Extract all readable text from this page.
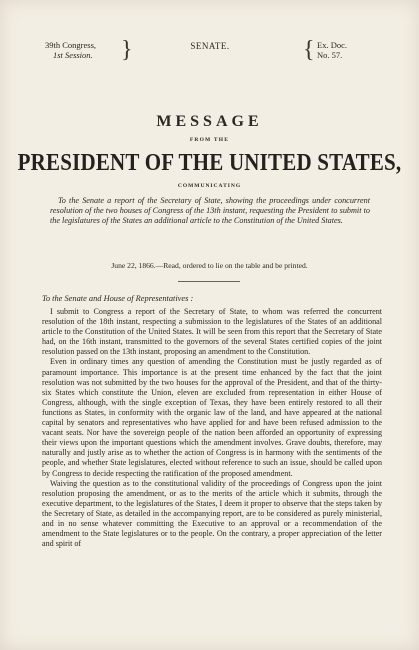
39th Congress,
1st Session. }	SENATE.	{ Ex. Doc.
No. 57.
MESSAGE
FROM THE
PRESIDENT OF THE UNITED STATES,
COMMUNICATING
To the Senate a report of the Secretary of State, showing the proceedings under concurrent resolution of the two houses of Congress of the 13th instant, requesting the President to submit to the legislatures of the States an additional article to the Constitution of the United States.
June 22, 1866.—Read, ordered to lie on the table and be printed.
To the Senate and House of Representatives :

I submit to Congress a report of the Secretary of State, to whom was referred the concurrent resolution of the 18th instant, respecting a submission to the legislatures of the States of an additional article to the Constitution of the United States. It will be seen from this report that the Secretary of State had, on the 16th instant, transmitted to the governors of the several States certified copies of the joint resolution passed on the 13th instant, proposing an amendment to the Constitution.

Even in ordinary times any question of amending the Constitution must be justly regarded as of paramount importance. This importance is at the present time enhanced by the fact that the joint resolution was not submitted by the two houses for the approval of the President, and that of the thirty-six States which constitute the Union, eleven are excluded from representation in either House of Congress, although, with the single exception of Texas, they have been entirely restored to all their functions as States, in conformity with the organic law of the land, and have appeared at the national capital by senators and representatives who have applied for and have been refused admission to the vacant seats. Nor have the sovereign people of the nation been afforded an opportunity of expressing their views upon the important questions which the amendment involves. Grave doubts, therefore, may naturally and justly arise as to whether the action of Congress is in harmony with the sentiments of the people, and whether State legislatures, elected without reference to such an issue, should be called upon by Congress to decide respecting the ratification of the proposed amendment.

Waiving the question as to the constitutional validity of the proceedings of Congress upon the joint resolution proposing the amendment, or as to the merits of the article which it submits, through the executive department, to the legislatures of the States, I deem it proper to observe that the steps taken by the Secretary of State, as detailed in the accompanying report, are to be considered as purely ministerial, and in no sense whatever committing the Executive to an approval or a recommendation of the amendment to the State legislatures or to the people. On the contrary, a proper appreciation of the letter and spirit of
